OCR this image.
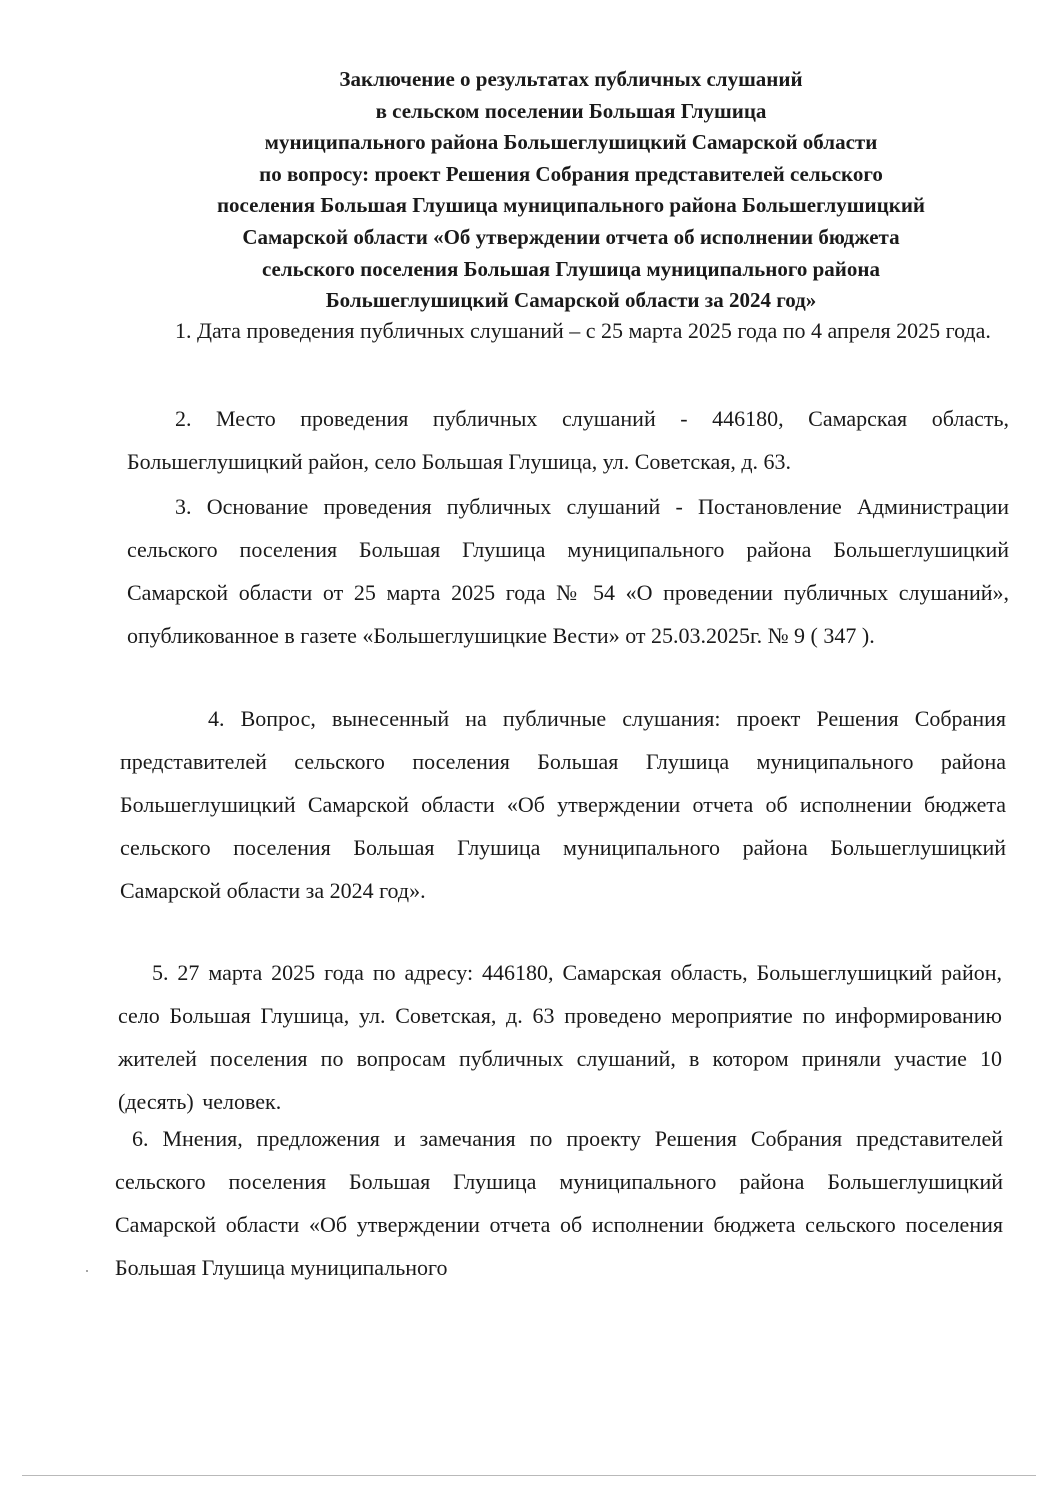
Заключение о результатах публичных слушаний
в сельском поселении Большая Глушица
муниципального района Большеглушицкий Самарской области
по вопросу: проект Решения Собрания представителей сельского
поселения Большая Глушица муниципального района Большеглушицкий
Самарской области «Об утверждении отчета об исполнении бюджета
сельского поселения Большая Глушица муниципального района
Большеглушицкий Самарской области за 2024 год»

1. Дата проведения публичных слушаний – с 25 марта 2025 года по 4 апреля 2025 года.

2. Место проведения публичных слушаний - 446180, Самарская область, Большеглушицкий район, село Большая Глушица, ул. Советская, д. 63.

3. Основание проведения публичных слушаний - Постановление Администрации сельского поселения Большая Глушица муниципального района Большеглушицкий Самарской области от 25 марта 2025 года № 54 «О проведении публичных слушаний», опубликованное в газете «Большеглушицкие Вести» от 25.03.2025г. № 9 ( 347 ).

4. Вопрос, вынесенный на публичные слушания: проект Решения Собрания представителей сельского поселения Большая Глушица муниципального района Большеглушицкий Самарской области «Об утверждении отчета об исполнении бюджета сельского поселения Большая Глушица муниципального района Большеглушицкий Самарской области за 2024 год».

5. 27 марта 2025 года по адресу: 446180, Самарская область, Большеглушицкий район, село Большая Глушица, ул. Советская, д. 63 проведено мероприятие по информированию жителей поселения по вопросам публичных слушаний, в котором приняли участие 10 (десять) человек.

6. Мнения, предложения и замечания по проекту Решения Собрания представителей сельского поселения Большая Глушица муниципального района Большеглушицкий Самарской области «Об утверждении отчета об исполнении бюджета сельского поселения Большая Глушица муниципального
